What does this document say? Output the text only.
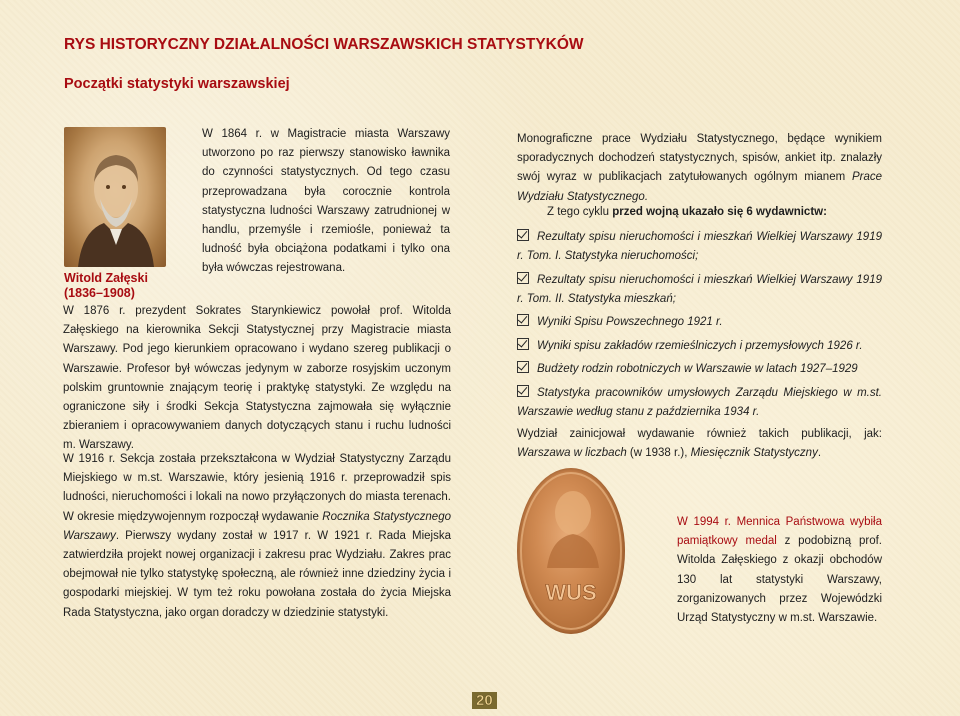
RYS HISTORYCZNY DZIAŁALNOŚCI WARSZAWSKICH STATYSTYKÓW
Początki statystyki warszawskiej
Witold Załęski
(1836–1908)

W 1864 r. w Magistracie miasta Warszawy utworzono po raz pierwszy stanowisko ławnika do czynności statystycznych. Od tego czasu przeprowadzana była corocznie kontrola statystyczna ludności Warszawy zatrudnionej w handlu, przemyśle i rzemiośle, ponieważ ta ludność była obciążona podatkami i tylko ona była wówczas rejestrowana.

W 1876 r. prezydent Sokrates Starynkiewicz powołał prof. Witolda Załęskiego na kierownika Sekcji Statystycznej przy Magistracie miasta Warszawy. Pod jego kierunkiem opracowano i wydano szereg publikacji o Warszawie. Profesor był wówczas jedynym w zaborze rosyjskim uczonym polskim gruntownie znającym teorię i praktykę statystyki. Ze względu na ograniczone siły i środki Sekcja Statystyczna zajmowała się wyłącznie zbieraniem i opracowywaniem danych dotyczących stanu i ruchu ludności m. Warszawy.

W 1916 r. Sekcja została przekształcona w Wydział Statystyczny Zarządu Miejskiego w m.st. Warszawie, który jesienią 1916 r. przeprowadził spis ludności, nieruchomości i lokali na nowo przyłączonych do miasta terenach. W okresie międzywojennym rozpoczął wydawanie Rocznika Statystycznego Warszawy. Pierwszy wydany został w 1917 r. W 1921 r. Rada Miejska zatwierdziła projekt nowej organizacji i zakresu prac Wydziału. Zakres prac obejmował nie tylko statystykę społeczną, ale również inne dziedziny życia i gospodarki miejskiej. W tym też roku powołana została do życia Miejska Rada Statystyczna, jako organ doradczy w dziedzinie statystyki.

Monograficzne prace Wydziału Statystycznego, będące wynikiem sporadycznych dochodzeń statystycznych, spisów, ankiet itp. znalazły swój wyraz w publikacjach zatytułowanych ogólnym mianem Prace Wydziału Statystycznego.

Z tego cyklu przed wojną ukazało się 6 wydawnictw:

Rezultaty spisu nieruchomości i mieszkań Wielkiej Warszawy 1919 r. Tom. I. Statystyka nieruchomości;
Rezultaty spisu nieruchomości i mieszkań Wielkiej Warszawy 1919 r. Tom. II. Statystyka mieszkań;
Wyniki Spisu Powszechnego 1921 r.
Wyniki spisu zakładów rzemieślniczych i przemysłowych 1926 r.
Budżety rodzin robotniczych w Warszawie w latach 1927–1929
Statystyka pracowników umysłowych Zarządu Miejskiego w m.st. Warszawie według stanu z października 1934 r.

Wydział zainicjował wydawanie również takich publikacji, jak: Warszawa w liczbach (w 1938 r.), Miesięcznik Statystyczny.

WUS

W 1994 r. Mennica Państwowa wybiła pamiątkowy medal z podobizną prof. Witolda Załęskiego z okazji obchodów 130 lat statystyki Warszawy, zorganizowanych przez Wojewódzki Urząd Statystyczny w m.st. Warszawie.

20
